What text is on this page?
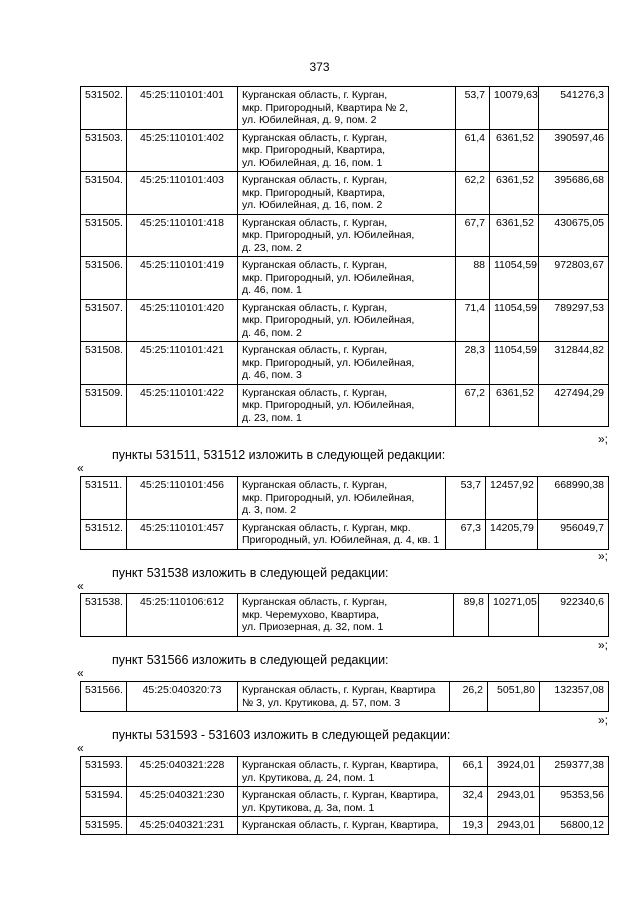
373
531502.	45:25:110101:401	Курганская область, г. Курган,
мкр. Пригородный, Квартира № 2,
ул. Юбилейная, д. 9, пом. 2	53,7	10079,63	541276,3
531503.	45:25:110101:402	Курганская область, г. Курган,
мкр. Пригородный, Квартира,
ул. Юбилейная, д. 16, пом. 1	61,4	6361,52	390597,46
531504.	45:25:110101:403	Курганская область, г. Курган,
мкр. Пригородный, Квартира,
ул. Юбилейная, д. 16, пом. 2	62,2	6361,52	395686,68
531505.	45:25:110101:418	Курганская область, г. Курган,
мкр. Пригородный, ул. Юбилейная,
д. 23, пом. 2	67,7	6361,52	430675,05
531506.	45:25:110101:419	Курганская область, г. Курган,
мкр. Пригородный, ул. Юбилейная,
д. 46, пом. 1	88	11054,59	972803,67
531507.	45:25:110101:420	Курганская область, г. Курган,
мкр. Пригородный, ул. Юбилейная,
д. 46, пом. 2	71,4	11054,59	789297,53
531508.	45:25:110101:421	Курганская область, г. Курган,
мкр. Пригородный, ул. Юбилейная,
д. 46, пом. 3	28,3	11054,59	312844,82
531509.	45:25:110101:422	Курганская область, г. Курган,
мкр. Пригородный, ул. Юбилейная,
д. 23, пом. 1	67,2	6361,52	427494,29
»;
пункты 531511, 531512 изложить в следующей редакции:
«
531511.	45:25:110101:456	Курганская область, г. Курган,
мкр. Пригородный, ул. Юбилейная,
д. 3, пом. 2	53,7	12457,92	668990,38
531512.	45:25:110101:457	Курганская область, г. Курган, мкр.
Пригородный, ул. Юбилейная, д. 4, кв. 1	67,3	14205,79	956049,7
»;
пункт 531538 изложить в следующей редакции:
«
531538.	45:25:110106:612	Курганская область, г. Курган,
мкр. Черемухово, Квартира,
ул. Приозерная, д. 32, пом. 1
	89,8	10271,05	922340,6
»;
пункт 531566 изложить в следующей редакции:
«
531566.	45:25:040320:73	Курганская область, г. Курган, Квартира
№ 3, ул. Крутикова, д. 57, пом. 3
	26,2	5051,80	132357,08
»;
пункты 531593 - 531603 изложить в следующей редакции:
«
531593.	45:25:040321:228	Курганская область, г. Курган, Квартира,
ул. Крутикова, д. 24, пом. 1	66,1	3924,01	259377,38
531594.	45:25:040321:230	Курганская область, г. Курган, Квартира,
ул. Крутикова, д. 3а, пом. 1	32,4	2943,01	95353,56
531595.	45:25:040321:231	Курганская область, г. Курган, Квартира,	19,3	2943,01	56800,12
